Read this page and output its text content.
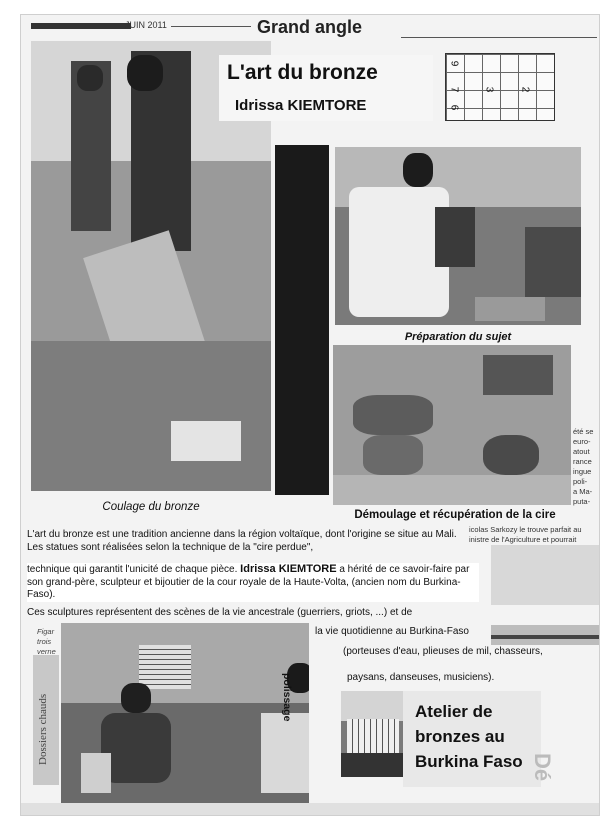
JUIN 2011	Grand angle
6
7
9
3	2
Coulage du bronze
L'art du bronze
Idrissa KIEMTORE
Préparation du sujet
Démoulage et récupération de la cire
été se
euro-
atout
rance
ingue
poli-
a Ma-
puta-
icolas Sarkozy le trouve parfait au
inistre de l'Agriculture et pourrait
L'art du bronze est une tradition ancienne dans la région voltaïque, dont l'origine se situe au Mali. Les statues sont réalisées selon la technique de la "cire perdue",
technique qui garantit l'unicité de chaque pièce. Idrissa KIEMTORE a hérité de ce savoir-faire par son grand-père, sculpteur et bijoutier de la cour royale de la Haute-Volta, (ancien nom du Burkina-Faso).
Ces sculptures représentent des scènes de la vie ancestrale (guerriers, griots, ...) et de
polissage
Dossiers chauds
Figar
trois
verne
la vie quotidienne au Burkina-Faso
(porteuses d'eau, plieuses de mil, chasseurs,
paysans, danseuses, musiciens).
Atelier de bronzes au Burkina Faso Dé
